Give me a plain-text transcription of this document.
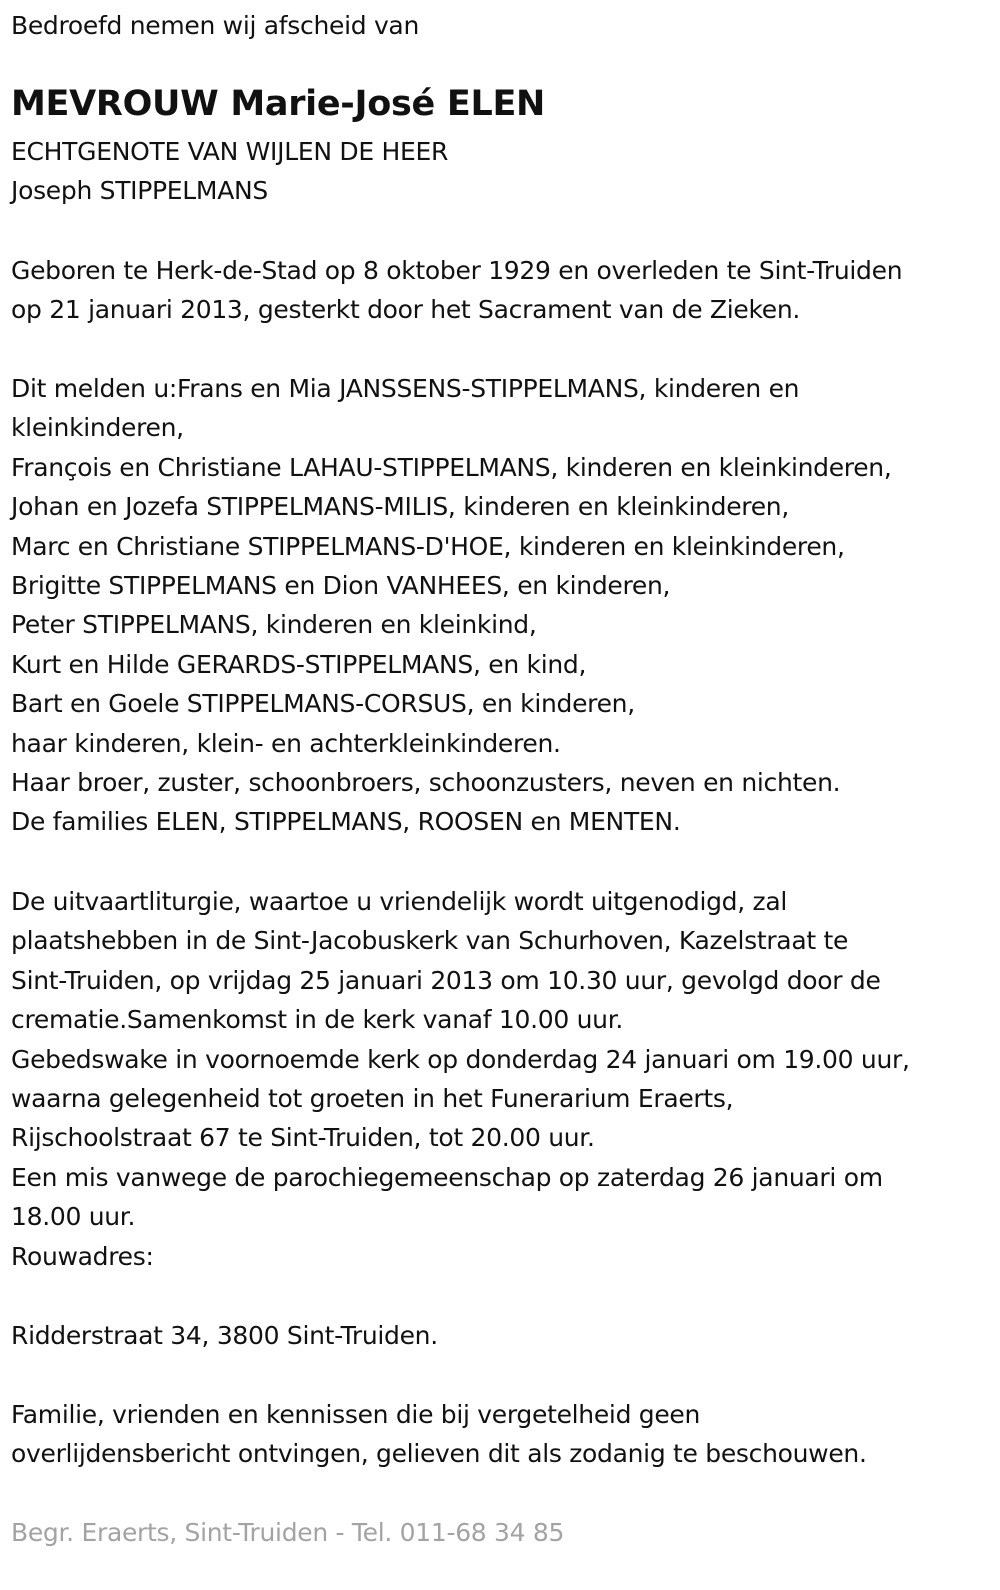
Bedroefd nemen wij afscheid van
MEVROUW Marie-José ELEN
ECHTGENOTE VAN WIJLEN DE HEER
Joseph STIPPELMANS
Geboren te Herk-de-Stad op 8 oktober 1929 en overleden te Sint-Truiden
op 21 januari 2013, gesterkt door het Sacrament van de Zieken.
Dit melden u:Frans en Mia JANSSENS-STIPPELMANS, kinderen en
kleinkinderen,
François en Christiane LAHAU-STIPPELMANS, kinderen en kleinkinderen,
Johan en Jozefa STIPPELMANS-MILIS, kinderen en kleinkinderen,
Marc en Christiane STIPPELMANS-D'HOE, kinderen en kleinkinderen,
Brigitte STIPPELMANS en Dion VANHEES, en kinderen,
Peter STIPPELMANS, kinderen en kleinkind,
Kurt en Hilde GERARDS-STIPPELMANS, en kind,
Bart en Goele STIPPELMANS-CORSUS, en kinderen,
haar kinderen, klein- en achterkleinkinderen.
Haar broer, zuster, schoonbroers, schoonzusters, neven en nichten.
De families ELEN, STIPPELMANS, ROOSEN en MENTEN.
De uitvaartliturgie, waartoe u vriendelijk wordt uitgenodigd, zal
plaatshebben in de Sint-Jacobuskerk van Schurhoven, Kazelstraat te
Sint-Truiden, op vrijdag 25 januari 2013 om 10.30 uur, gevolgd door de
crematie.Samenkomst in de kerk vanaf 10.00 uur.
Gebedswake in voornoemde kerk op donderdag 24 januari om 19.00 uur,
waarna gelegenheid tot groeten in het Funerarium Eraerts,
Rijschoolstraat 67 te Sint-Truiden, tot 20.00 uur.
Een mis vanwege de parochiegemeenschap op zaterdag 26 januari om
18.00 uur.
Rouwadres:
Ridderstraat 34, 3800 Sint-Truiden.
Familie, vrienden en kennissen die bij vergetelheid geen
overlijdensbericht ontvingen, gelieven dit als zodanig te beschouwen.
Begr. Eraerts, Sint-Truiden - Tel. 011-68 34 85
